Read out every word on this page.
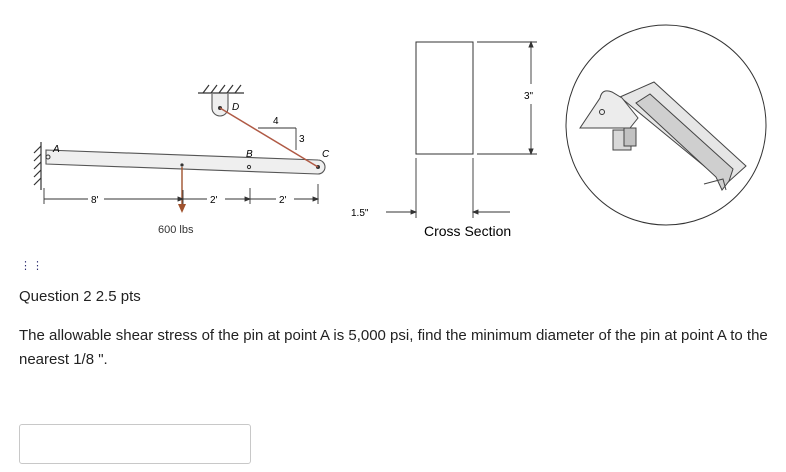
A	B	C
D
4
3
600 lbs
8'	2'	2'
3"
1.5"
Cross Section
⋮⋮
Question 2 2.5 pts
The allowable shear stress of the pin at point A is 5,000 psi, find the minimum diameter of the pin at point A to the nearest 1/8 ".
